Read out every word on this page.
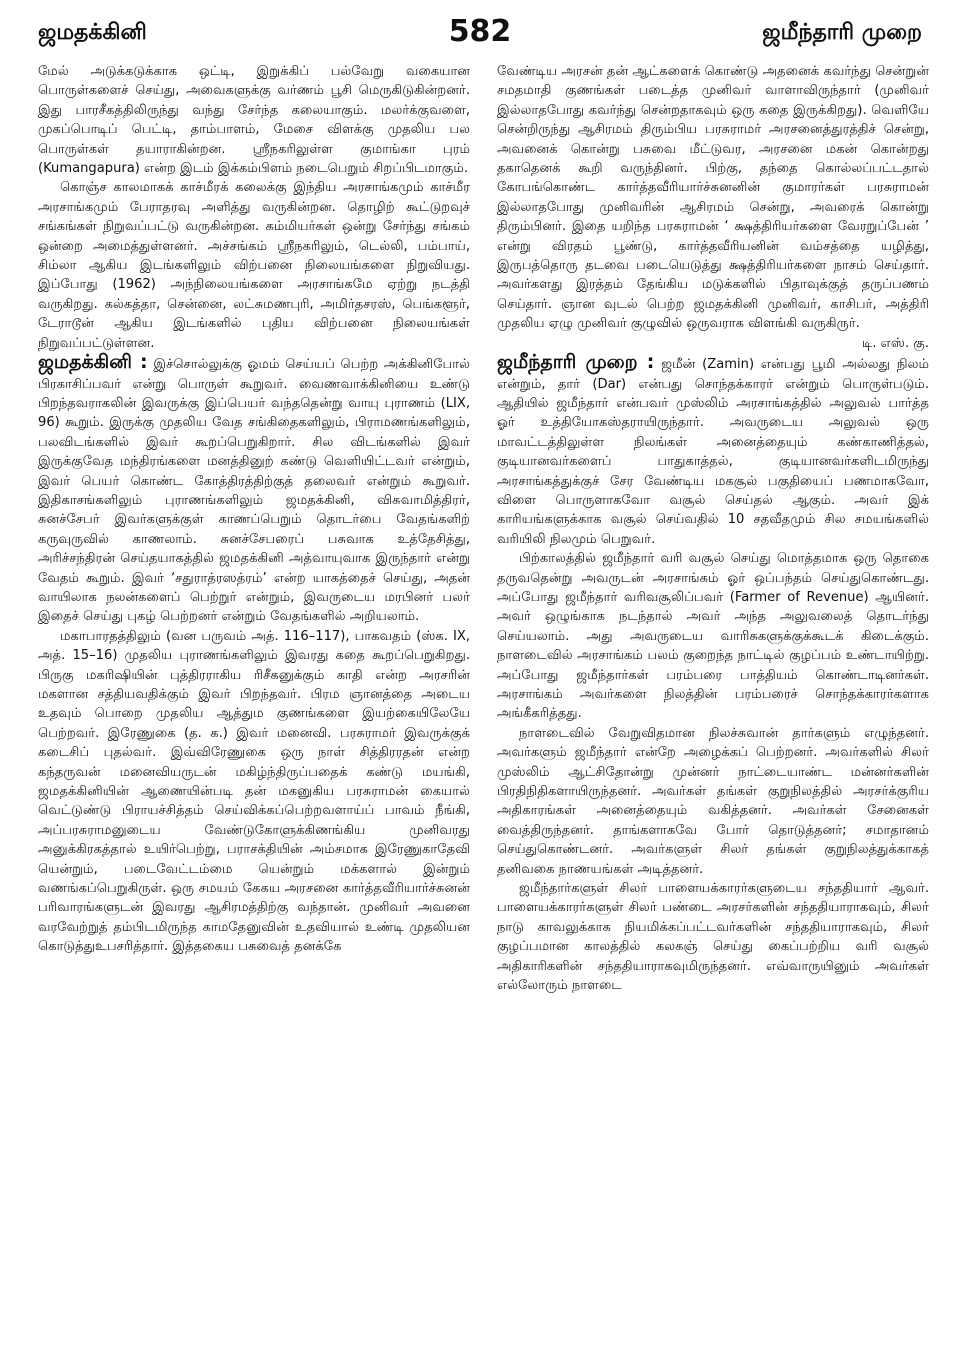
ஜமதக்கினி	582	ஜமீந்தாரி முறை

மேல் அடுக்கடுக்காக ஒட்டி, இறுக்கிப் பல்வேறு வகையான பொருள்களைச் செய்து, அவைகளுக்கு வர்ணம் பூசி மெருகிடுகின்றனர். இது பாரசீகத்திலிருந்து வந்து சேர்ந்த கலையாகும். மலர்க்குவளை, முகப்பொடிப் பெட்டி, தாம்பாளம், மேசை விளக்கு முதலிய பல பொருள்கள் தயாராகின்றன. ஸ்ரீநகரிலுள்ள குமாங்கா புரம் (Kumangapura) என்ற இடம் இக்கம்பிளம் நடைபெறும் சிறப்பிடமாகும்.

கொஞ்ச காலமாகக் காச்மீரக் கலைக்கு இந்திய அரசாங்கமும் காச்மீர அரசாங்கமும் பேராதரவு அளித்து வருகின்றன. தொழிற் கூட்டுறவுச் சங்கங்கள் நிறுவப்பட்டு வருகின்றன. கம்மியர்கள் ஒன்று சேர்ந்து சங்கம் ஒன்றை அமைத்துள்ளனர். அச்சங்கம் ஸ்ரீநகரிலும், டெல்லி, பம்பாய், சிம்லா ஆகிய இடங்களிலும் விற்பனை நிலையங்களை நிறுவியது. இப்போது (1962) அந்நிலையங்களை அரசாங்கமே ஏற்று நடத்தி வருகிறது. கல்கத்தா, சென்னை, லட்சுமணபுரி, அமிர்தசரஸ், பெங்களூர், டேராடூன் ஆகிய இடங்களில் புதிய விற்பனை நிலையங்கள் நிறுவப்பட்டுள்ளன.

ஜமதக்கினி : இச்சொல்லுக்கு ஓமம் செய்யப் பெற்ற அக்கினிபோல் பிரகாசிப்பவர் என்று பொருள் கூறுவர். வைணவாக்கினியை உண்டு பிறந்தவராகலின் இவருக்கு இப்பெயர் வந்ததென்று வாயு புராணம் (LIX, 96) கூறும். இருக்கு முதலிய வேத சங்கிதைகளிலும், பிராமணங்களிலும், பலவிடங்களில் இவர் கூறப்பெறுகிறார். சில விடங்களில் இவர் இருக்குவேத மந்திரங்களை மனத்தினுற் கண்டு வெளியிட்டவர் என்றும், இவர் பெயர் கொண்ட கோத்திரத்திற்குத் தலைவர் என்றும் கூறுவர். இதிகாசங்களிலும் புராணங்களிலும் ஜமதக்கினி, விசுவாமித்திரர், சுனச்சேபர் இவர்களுக்குள் காணப்பெறும் தொடர்பை வேதங்களிற் கருவுருவில் காணலாம். சுனச்சேபரைப் பசுவாக உத்தேசித்து, அரிச்சந்திரன் செய்தயாகத்தில் ஜமதக்கினி அத்வாயுவாக இருந்தார் என்று வேதம் கூறும். இவர் ‘சதுராத்ரஸத்ரம்’ என்ற யாகத்தைச் செய்து, அதன் வாயிலாக நலன்களைப் பெற்றுர் என்றும், இவருடைய மரபினர் பலர் இதைச் செய்து புகழ் பெற்றனர் என்றும் வேதங்களில் அறியலாம்.

மகாபாரதத்திலும் (வன பருவம் அத். 116–117), பாகவதம் (ஸ்க. IX, அத். 15–16) முதலிய புராணங்களிலும் இவரது கதை கூறப்பெறுகிறது. பிருகு மகரிஷியின் புத்திரராகிய ரிசீகனுக்கும் காதி என்ற அரசரின் மகளான சத்தியவதிக்கும் இவர் பிறந்தவர். பிரம ஞானத்தை அடைய உதவும் பொறை முதலிய ஆத்தும குணங்களை இயற்கையிலேயே பெற்றவர். இரேணுகை (த. க.) இவர் மனைவி. பரசுராமர் இவருக்குக் கடைசிப் புதல்வர். இவ்விரேணுகை ஒரு நாள் சித்திரரதன் என்ற கந்தருவன் மனைவியருடன் மகிழ்ந்திருப்பதைக் கண்டு மயங்கி, ஜமதக்கினியின் ஆணையின்படி தன் மகனுகிய பரசுராமன் கையால் வெட்டுண்டு பிராயச்சித்தம் செய்விக்கப்பெற்றவளாய்ப் பாவம் நீங்கி, அப்பரசுராமனுடைய வேண்டுகோளுக்கிணங்கிய முனிவரது அனுக்கிரகத்தால் உயிர்பெற்று, பராசக்தியின் அம்சமாக இரேணுகாதேவி யென்றும், படைவேட்டம்மை யென்றும் மக்களால் இன்றும் வணங்கப்பெறுகிருள். ஒரு சமயம் கேகய அரசனை கார்த்தவீரியார்ச்சுனன் பரிவாரங்களுடன் இவரது ஆசிரமத்திற்கு வந்தான். முனிவர் அவனை வரவேற்றுத் தம்பிடமிருந்த காமதேனுவின் உதவியால் உண்டி முதலியன கொடுத்துஉபசரித்தார். இத்தகைய பசுவைத் தனக்கே

வேண்டிய அரசன் தன் ஆட்களைக் கொண்டு அதனைக் கவர்ந்து சென்றுன் சமதமாதி குணங்கள் படைத்த முனிவர் வாளாவிருந்தார் (முனிவர் இல்லாதபோது கவர்ந்து சென்றதாகவும் ஒரு கதை இருக்கிறது). வெளியே சென்றிருந்து ஆசிரமம் திரும்பிய பரசுராமர் அரசனைத்துரத்திச் சென்று, அவனைக் கொன்று பசுவை மீட்டுவர, அரசனை மகன் கொன்றது தகாதெனக் கூறி வருந்தினர். பிற்கு, தந்தை கொல்லப்பட்டதால் கோபங்கொண்ட கார்த்தவீரியார்ச்சுனனின் குமாரர்கள் பரசுராமன் இல்லாதபோது முனிவரின் ஆசிரமம் சென்று, அவரைக் கொன்று திரும்பினர். இதை யறிந்த பரசுராமன் ‘ க்ஷத்திரியர்களை வேரறுப்பேன் ’ என்று விரதம் பூண்டு, கார்த்தவீரியனின் வம்சத்தை யழித்து, இருபத்தொரு தடவை படையெடுத்து க்ஷத்திரியர்களை நாசம் செய்தார். அவர்களது இரத்தம் தேங்கிய மடுக்களில் பிதாவுக்குத் தருப்பணம் செய்தார். ஞான வுடல் பெற்ற ஜமதக்கினி முனிவர், காசிபர், அத்திரி முதலிய ஏழு முனிவர் குழுவில் ஒருவராக விளங்கி வருகிருர்.

டி. எஸ். கு.

ஜமீந்தாரி முறை : ஜமீன் (Zamin) என்பது பூமி அல்லது நிலம் என்றும், தார் (Dar) என்பது சொந்தக்காரர் என்றும் பொருள்படும். ஆதியில் ஜமீந்தார் என்பவர் முஸ்லிம் அரசாங்கத்தில் அலுவல் பார்த்த ஓர் உத்தியோகஸ்தராயிருந்தார். அவருடைய அலுவல் ஒரு மாவட்டத்திலுள்ள நிலங்கள் அனைத்தையும் கண்காணித்தல், குடியானவர்களைப் பாதுகாத்தல், குடியானவர்களிடமிருந்து அரசாங்கத்துக்குச் சேர வேண்டிய மகசூல் பகுதியைப் பணமாகவோ, விளை பொருளாகவோ வசூல் செய்தல் ஆகும். அவர் இக் காரியங்களுக்காக வசூல் செய்வதில் 10 சதவீதமும் சில சமயங்களில் வரியிலி நிலமும் பெறுவர்.

பிற்காலத்தில் ஜமீந்தார் வரி வசூல் செய்து மொத்தமாக ஒரு தொகை தருவதென்று அவருடன் அரசாங்கம் ஓர் ஒப்பந்தம் செய்துகொண்டது. அப்போது ஜமீந்தார் வரிவசூலிப்பவர் (Farmer of Revenue) ஆயினர். அவர் ஒழுங்காக நடந்தால் அவர் அந்த அலுவலைத் தொடர்ந்து செய்யலாம். அது அவருடைய வாரிசுகளுக்குக்கூடக் கிடைக்கும். நாளடைவில் அரசாங்கம் பலம் குறைந்த நாட்டில் குழப்பம் உண்டாயிற்று. அப்போது ஜமீந்தார்கள் பரம்பரை பாத்தியம் கொண்டாடினர்கள். அரசாங்கம் அவர்களை நிலத்தின் பரம்பரைச் சொந்தக்காரர்களாக அங்கீகரித்தது.

நாளடைவில் வேறுவிதமான நிலச்சுவான் தார்களும் எழுந்தனர். அவர்களும் ஜமீந்தார் என்றே அழைக்கப் பெற்றனர். அவர்களில் சிலர் முஸ்லிம் ஆட்சிதோன்று முன்னர் நாட்டையாண்ட மன்னர்களின் பிரதிநிதிகளாயிருந்தனர். அவர்கள் தங்கள் குறுநிலத்தில் அரசர்க்குரிய அதிகாரங்கள் அனைத்தையும் வகித்தனர். அவர்கள் சேனைகள் வைத்திருந்தனர். தாங்களாகவே போர் தொடுத்தனர்; சமாதானம் செய்துகொண்டனர். அவர்களுள் சிலர் தங்கள் குறுநிலத்துக்காகத் தனிவகை நாணயங்கள் அடித்தனர்.

ஜமீந்தார்களுள் சிலர் பாளையக்காரர்களுடைய சந்ததியார் ஆவர். பாளையக்காரர்களுள் சிலர் பண்டை அரசர்களின் சந்ததியாராகவும், சிலர் நாடு காவலுக்காக நியமிக்கப்பட்டவர்களின் சந்ததியாராகவும், சிலர் குழப்பமான காலத்தில் கலகஞ் செய்து கைப்பற்றிய வரி வசூல் அதிகாரிகளின் சந்ததியாராகவுமிருந்தனர். எவ்வாருயினும் அவர்கள் எல்லோரும் நாளடை
